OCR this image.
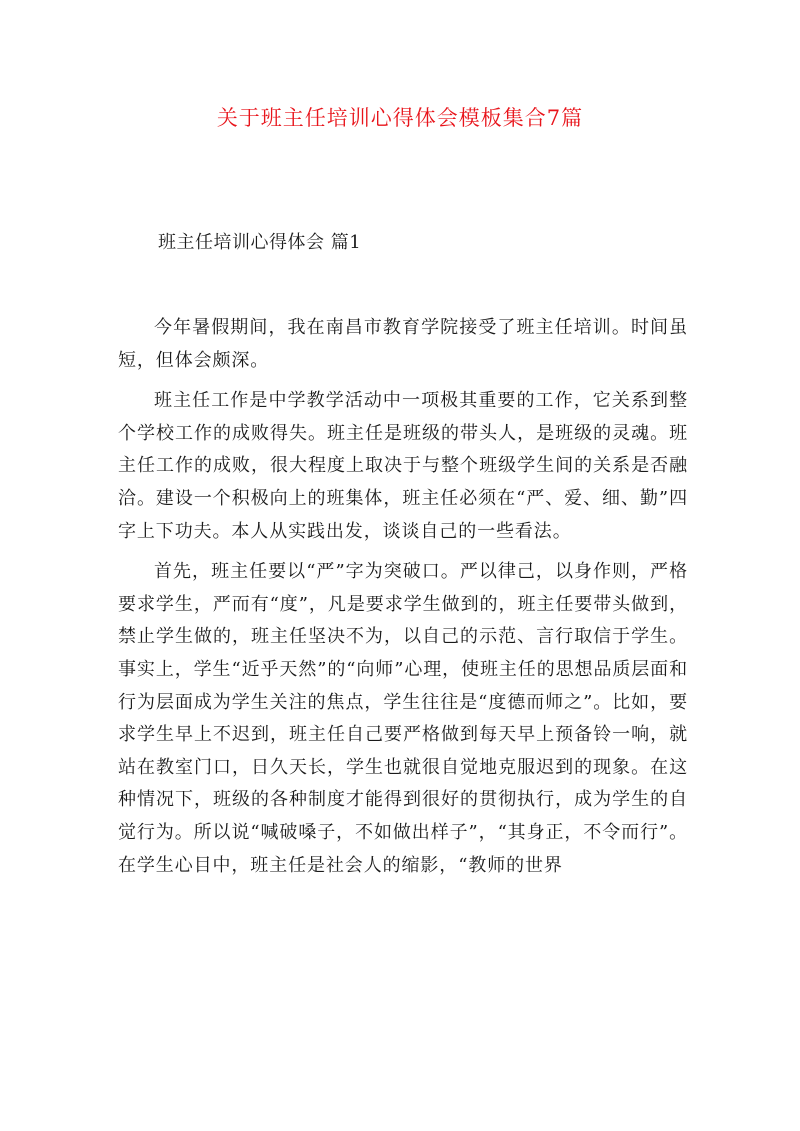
关于班主任培训心得体会模板集合7篇
班主任培训心得体会 篇1

今年暑假期间，我在南昌市教育学院接受了班主任培训。时间虽短，但体会颇深。

班主任工作是中学教学活动中一项极其重要的工作，它关系到整个学校工作的成败得失。班主任是班级的带头人，是班级的灵魂。班主任工作的成败，很大程度上取决于与整个班级学生间的关系是否融洽。建设一个积极向上的班集体，班主任必须在“严、爱、细、勤”四字上下功夫。本人从实践出发，谈谈自己的一些看法。

首先，班主任要以“严”字为突破口。严以律己，以身作则，严格要求学生，严而有“度”，凡是要求学生做到的，班主任要带头做到，禁止学生做的，班主任坚决不为，以自己的示范、言行取信于学生。事实上，学生“近乎天然”的“向师”心理，使班主任的思想品质层面和行为层面成为学生关注的焦点，学生往往是“度德而师之”。比如，要求学生早上不迟到，班主任自己要严格做到每天早上预备铃一响，就站在教室门口，日久天长，学生也就很自觉地克服迟到的现象。在这种情况下，班级的各种制度才能得到很好的贯彻执行，成为学生的自觉行为。所以说“喊破嗓子，不如做出样子”，“其身正，不令而行”。在学生心目中，班主任是社会人的缩影，“教师的世界
